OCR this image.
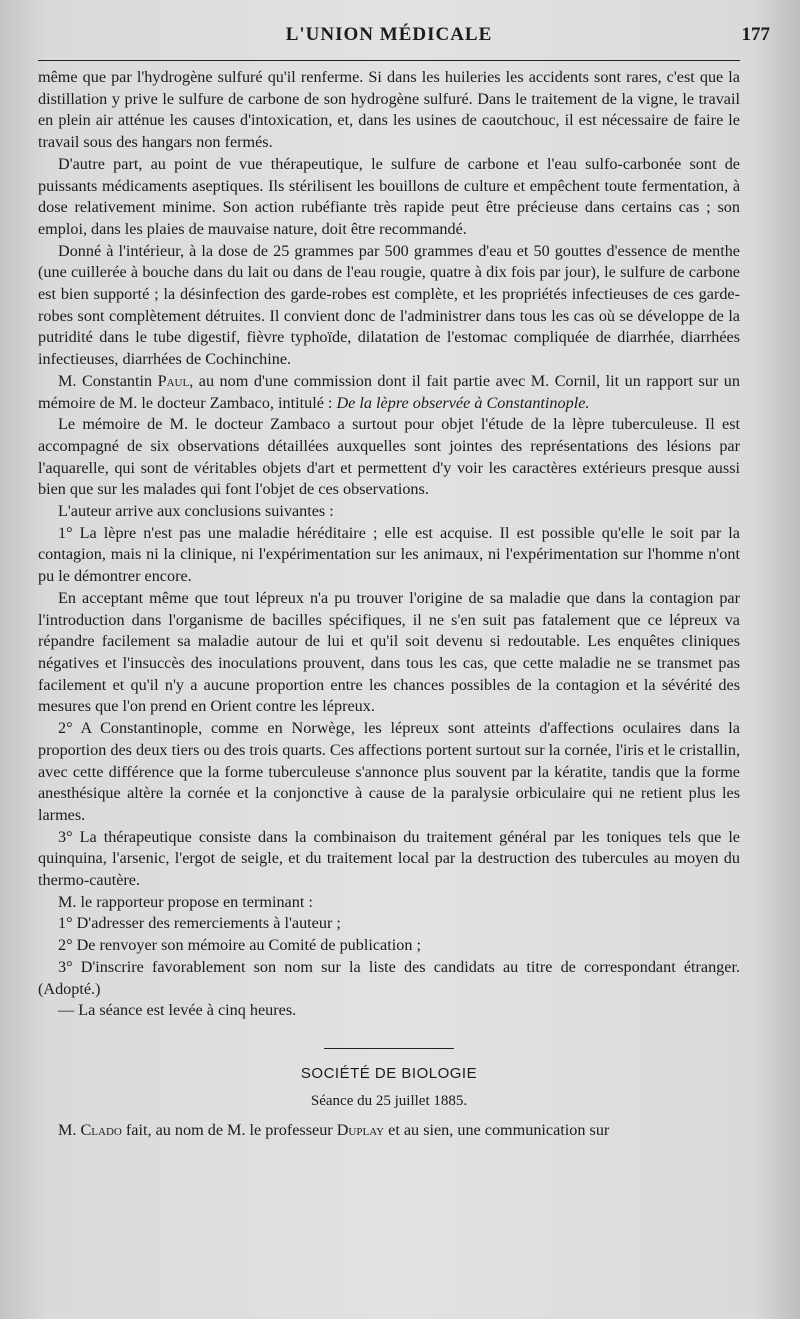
L'UNION MÉDICALE	177

même que par l'hydrogène sulfuré qu'il renferme. Si dans les huileries les accidents sont rares, c'est que la distillation y prive le sulfure de carbone de son hydrogène sulfuré. Dans le traitement de la vigne, le travail en plein air atténue les causes d'intoxication, et, dans les usines de caoutchouc, il est nécessaire de faire le travail sous des hangars non fermés.

D'autre part, au point de vue thérapeutique, le sulfure de carbone et l'eau sulfo-carbonée sont de puissants médicaments aseptiques. Ils stérilisent les bouillons de culture et empêchent toute fermentation, à dose relativement minime. Son action rubéfiante très rapide peut être précieuse dans certains cas ; son emploi, dans les plaies de mauvaise nature, doit être recommandé.

Donné à l'intérieur, à la dose de 25 grammes par 500 grammes d'eau et 50 gouttes d'essence de menthe (une cuillerée à bouche dans du lait ou dans de l'eau rougie, quatre à dix fois par jour), le sulfure de carbone est bien supporté ; la désinfection des garde-robes est complète, et les propriétés infectieuses de ces garde-robes sont complètement détruites. Il convient donc de l'administrer dans tous les cas où se développe de la putridité dans le tube digestif, fièvre typhoïde, dilatation de l'estomac compliquée de diarrhée, diarrhées infectieuses, diarrhées de Cochinchine.

M. Constantin Paul, au nom d'une commission dont il fait partie avec M. Cornil, lit un rapport sur un mémoire de M. le docteur Zambaco, intitulé : De la lèpre observée à Constantinople.

Le mémoire de M. le docteur Zambaco a surtout pour objet l'étude de la lèpre tuberculeuse. Il est accompagné de six observations détaillées auxquelles sont jointes des représentations des lésions par l'aquarelle, qui sont de véritables objets d'art et permettent d'y voir les caractères extérieurs presque aussi bien que sur les malades qui font l'objet de ces observations.

L'auteur arrive aux conclusions suivantes :

1° La lèpre n'est pas une maladie héréditaire ; elle est acquise. Il est possible qu'elle le soit par la contagion, mais ni la clinique, ni l'expérimentation sur les animaux, ni l'expérimentation sur l'homme n'ont pu le démontrer encore.

En acceptant même que tout lépreux n'a pu trouver l'origine de sa maladie que dans la contagion par l'introduction dans l'organisme de bacilles spécifiques, il ne s'en suit pas fatalement que ce lépreux va répandre facilement sa maladie autour de lui et qu'il soit devenu si redoutable. Les enquêtes cliniques négatives et l'insuccès des inoculations prouvent, dans tous les cas, que cette maladie ne se transmet pas facilement et qu'il n'y a aucune proportion entre les chances possibles de la contagion et la sévérité des mesures que l'on prend en Orient contre les lépreux.

2° A Constantinople, comme en Norwège, les lépreux sont atteints d'affections oculaires dans la proportion des deux tiers ou des trois quarts. Ces affections portent surtout sur la cornée, l'iris et le cristallin, avec cette différence que la forme tuberculeuse s'annonce plus souvent par la kératite, tandis que la forme anesthésique altère la cornée et la conjonctive à cause de la paralysie orbiculaire qui ne retient plus les larmes.

3° La thérapeutique consiste dans la combinaison du traitement général par les toniques tels que le quinquina, l'arsenic, l'ergot de seigle, et du traitement local par la destruction des tubercules au moyen du thermo-cautère.

M. le rapporteur propose en terminant :

1° D'adresser des remerciements à l'auteur ;

2° De renvoyer son mémoire au Comité de publication ;

3° D'inscrire favorablement son nom sur la liste des candidats au titre de correspondant étranger. (Adopté.)

— La séance est levée à cinq heures.

SOCIÉTÉ DE BIOLOGIE
Séance du 25 juillet 1885.

M. Clado fait, au nom de M. le professeur Duplay et au sien, une communication sur
